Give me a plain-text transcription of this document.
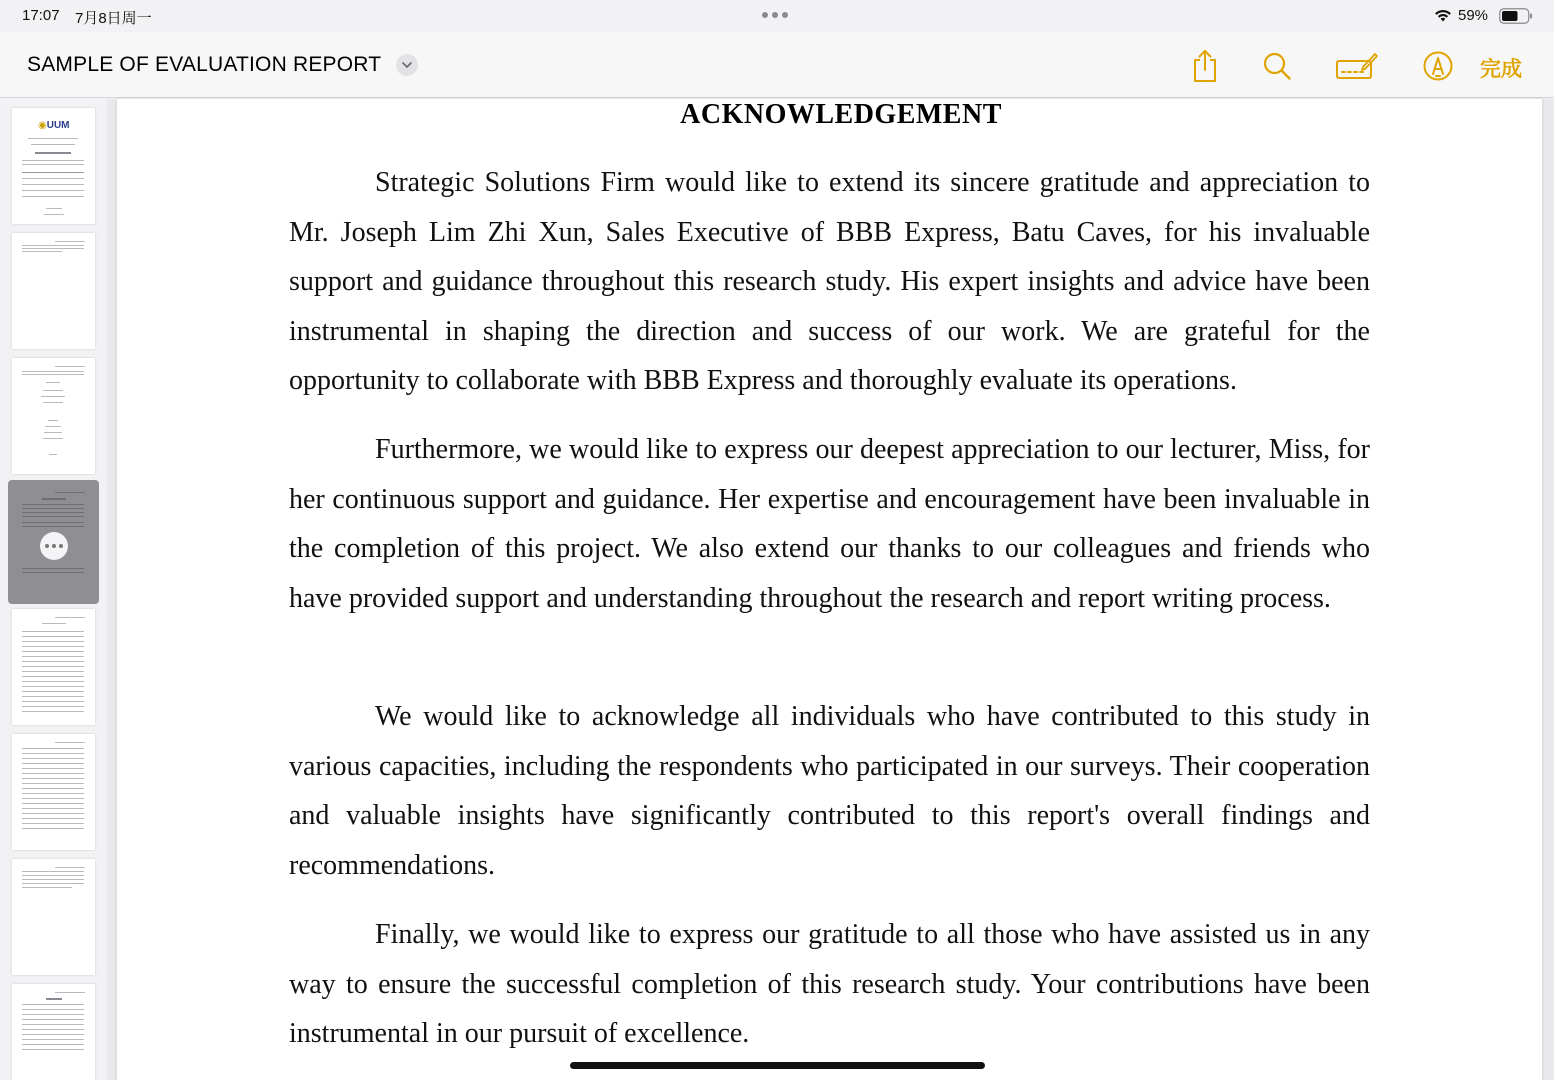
17:07 7月8日周一	59%
SAMPLE OF EVALUATION REPORT	完成
◉UUM	ACKNOWLEDGEMENT

Strategic Solutions Firm would like to extend its sincere gratitude and appreciation to Mr. Joseph Lim Zhi Xun, Sales Executive of BBB Express, Batu Caves, for his invaluable support and guidance throughout this research study. His expert insights and advice have been instrumental in shaping the direction and success of our work. We are grateful for the opportunity to collaborate with BBB Express and thoroughly evaluate its operations.

Furthermore, we would like to express our deepest appreciation to our lecturer, Miss, for her continuous support and guidance. Her expertise and encouragement have been invaluable in the completion of this project. We also extend our thanks to our colleagues and friends who have provided support and understanding throughout the research and report writing process.

We would like to acknowledge all individuals who have contributed to this study in various capacities, including the respondents who participated in our surveys. Their cooperation and valuable insights have significantly contributed to this report's overall findings and recommendations.

Finally, we would like to express our gratitude to all those who have assisted us in any way to ensure the successful completion of this research study. Your contributions have been instrumental in our pursuit of excellence.
